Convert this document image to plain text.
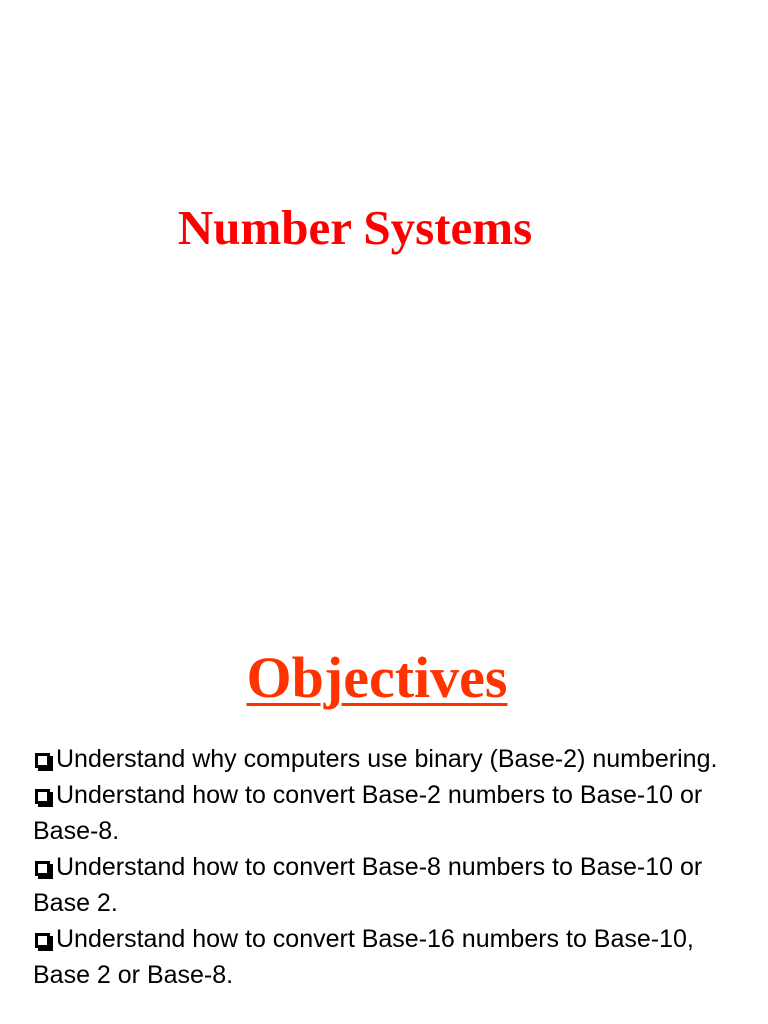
Number Systems
Objectives
Understand why computers use binary (Base-2) numbering.
Understand how to convert Base-2 numbers to Base-10 or Base-8.
Understand how to convert Base-8 numbers to Base-10 or Base 2.
Understand how to convert Base-16 numbers to Base-10, Base 2 or Base-8.
